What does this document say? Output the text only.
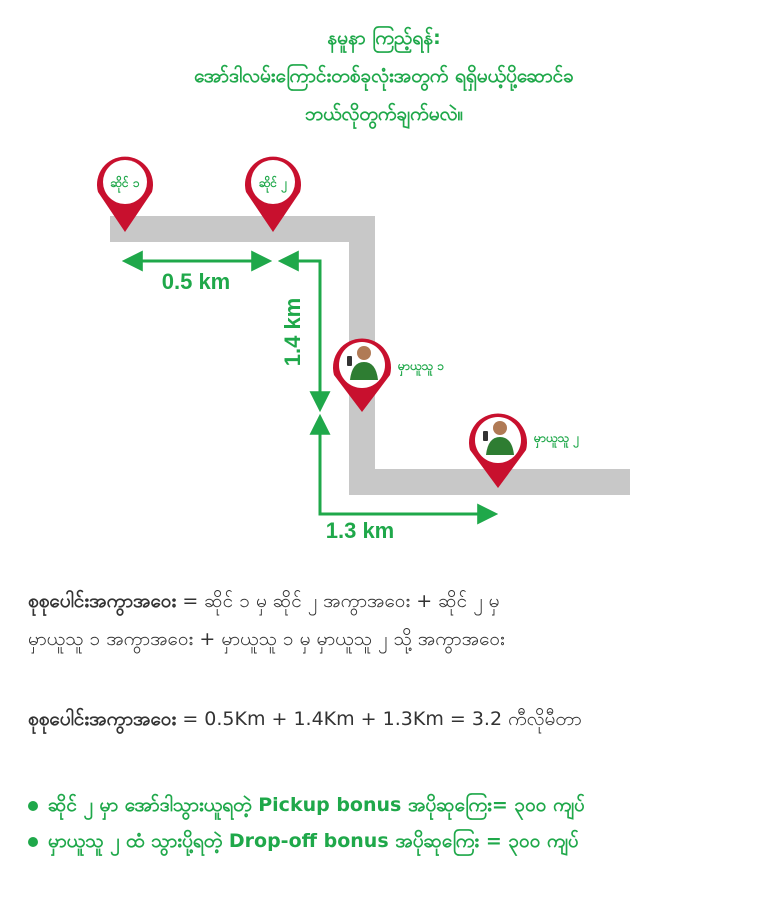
နမူနာ ကြည့်ရန်:
အော်ဒါလမ်းကြောင်းတစ်ခုလုံးအတွက် ရရှိမယ့်ပို့ဆောင်ခ
ဘယ်လိုတွက်ချက်မလဲ။
0.5 km
1.4 km
1.3 km
ဆိုင် ၁	ဆိုင် ၂
မှာယူသူ ၁
မှာယူသူ ၂
စုစုပေါင်းအကွာအဝေး = ဆိုင် ၁ မှ ဆိုင် ၂ အကွာအဝေး + ဆိုင် ၂ မှ
မှာယူသူ ၁ အကွာအဝေး + မှာယူသူ ၁ မှ မှာယူသူ ၂ သို့ အကွာအဝေး
စုစုပေါင်းအကွာအဝေး = 0.5Km + 1.4Km + 1.3Km = 3.2 ကီလိုမီတာ
ဆိုင် ၂ မှာ အော်ဒါသွားယူရတဲ့ Pickup bonus အပိုဆုကြေး= ၃၀၀ ကျပ်
မှာယူသူ ၂ ထံ သွားပို့ရတဲ့ Drop-off bonus အပိုဆုကြေး = ၃၀၀ ကျပ်
